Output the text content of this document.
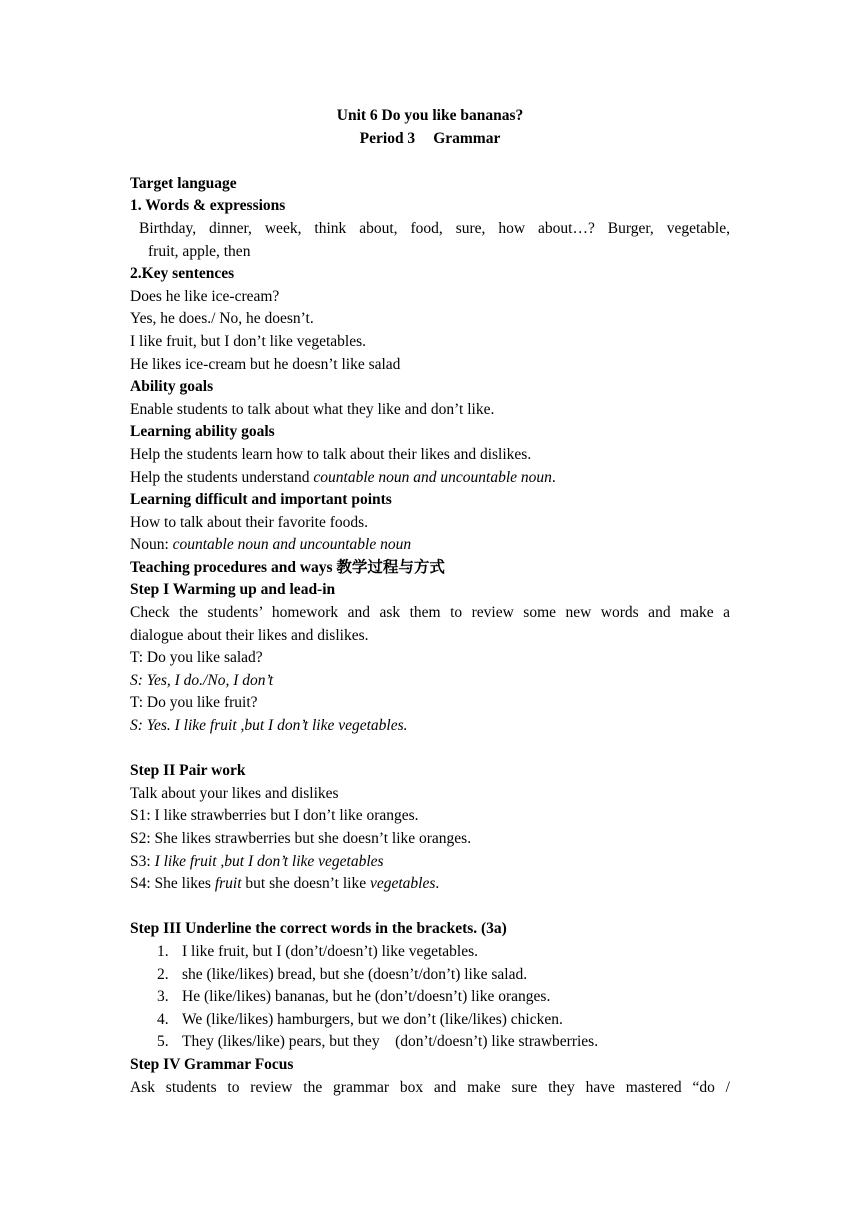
Unit 6 Do you like bananas?
Period 3 Grammar
Target language
1. Words & expressions
Birthday, dinner, week, think about, food, sure, how about…? Burger, vegetable,
fruit, apple, then
2.Key sentences
Does he like ice-cream?
Yes, he does./ No, he doesn’t.
I like fruit, but I don’t like vegetables.
He likes ice-cream but he doesn’t like salad
Ability goals
Enable students to talk about what they like and don’t like.
Learning ability goals
Help the students learn how to talk about their likes and dislikes.
Help the students understand countable noun and uncountable noun.
Learning difficult and important points
How to talk about their favorite foods.
Noun: countable noun and uncountable noun
Teaching procedures and ways 教学过程与方式
Step I Warming up and lead-in
Check the students’ homework and ask them to review some new words and make a
dialogue about their likes and dislikes.
T: Do you like salad?
S: Yes, I do./No, I don’t
T: Do you like fruit?
S: Yes. I like fruit ,but I don’t like vegetables.
Step II Pair work
Talk about your likes and dislikes
S1: I like strawberries but I don’t like oranges.
S2: She likes strawberries but she doesn’t like oranges.
S3: I like fruit ,but I don’t like vegetables
S4: She likes fruit but she doesn’t like vegetables.
Step III Underline the correct words in the brackets. (3a)
1. I like fruit, but I (don’t/doesn’t) like vegetables.
2. she (like/likes) bread, but she (doesn’t/don’t) like salad.
3. He (like/likes) bananas, but he (don’t/doesn’t) like oranges.
4. We (like/likes) hamburgers, but we don’t (like/likes) chicken.
5. They (likes/like) pears, but they    (don’t/doesn’t) like strawberries.
Step IV Grammar Focus
Ask students to review the grammar box and make sure they have mastered “do /
